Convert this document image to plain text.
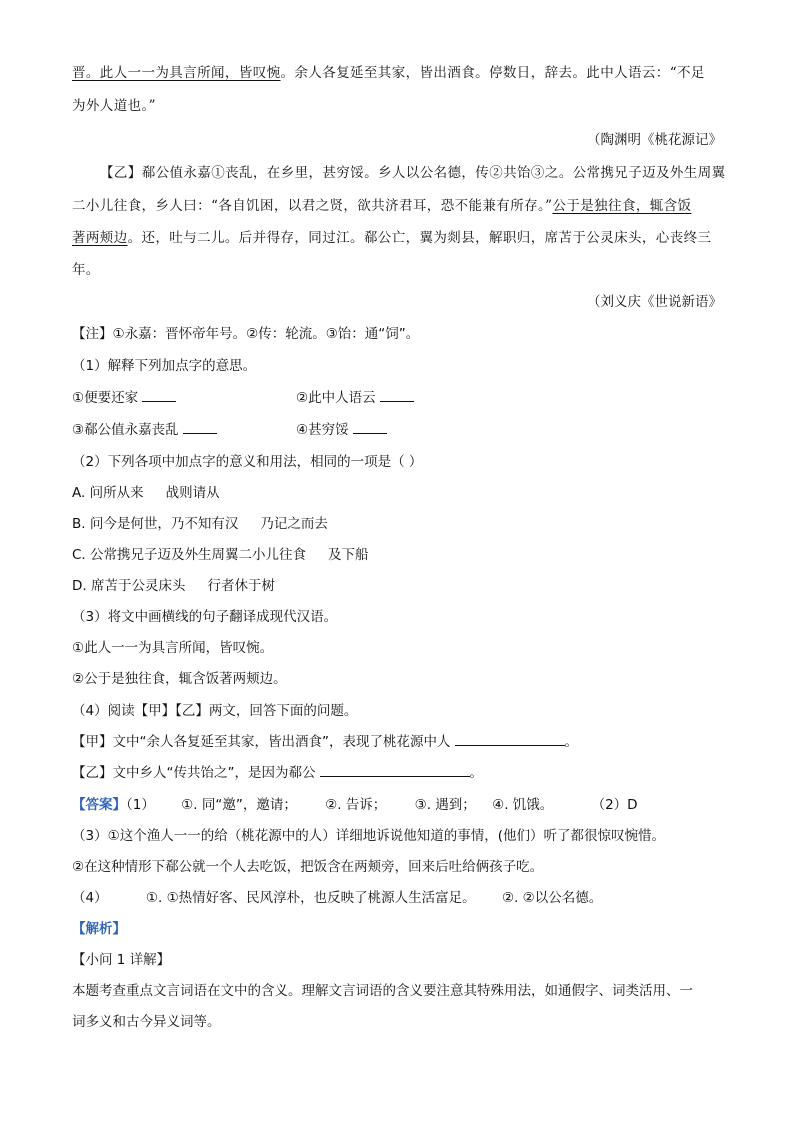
晋。此人一一为具言所闻，皆叹惋。余人各复延至其家，皆出酒食。停数日，辞去。此中人语云：“不足
为外人道也。”
（陶渊明《桃花源记》
【乙】郗公值永嘉①丧乱，在乡里，甚穷馁。乡人以公名德，传②共饴③之。公常携兄子迈及外生周翼
二小儿往食，乡人曰：“各自饥困，以君之贤，欲共济君耳，恐不能兼有所存。”公于是独往食，辄含饭
著两颊边。还，吐与二儿。后并得存，同过江。郗公亡，翼为剡县，解职归，席苫于公灵床头，心丧终三
年。
（刘义庆《世说新语》
【注】①永嘉：晋怀帝年号。②传：轮流。③饴：通“饲”。
（1）解释下列加点字的意思。
①便要还家	②此中人语云
③郗公值永嘉丧乱	④甚穷馁
（2）下列各项中加点字的意义和用法，相同的一项是（ ）
A. 问所从来 战则请从
B. 问今是何世，乃不知有汉 乃记之而去
C. 公常携兄子迈及外生周翼二小儿往食 及下船
D. 席苫于公灵床头 行者休于树
（3）将文中画横线的句子翻译成现代汉语。
①此人一一为具言所闻，皆叹惋。
②公于是独往食，辄含饭著两颊边。
（4）阅读【甲】【乙】两文，回答下面的问题。
【甲】文中“余人各复延至其家，皆出酒食”，表现了桃花源中人	。
【乙】文中乡人“传共饴之”，是因为郗公	。
【答案】（1） ①. 同“邀”，邀请； ②. 告诉； ③. 遇到； ④. 饥饿。	（2）D
（3）①这个渔人一一的给（桃花源中的人）详细地诉说他知道的事情，(他们）听了都很惊叹惋惜。
②在这种情形下郗公就一个人去吃饭，把饭含在两颊旁，回来后吐给俩孩子吃。
（4）	①. ①热情好客、民风淳朴，也反映了桃源人生活富足。 ②. ②以公名德。
【解析】
【小问 1 详解】
本题考查重点文言词语在文中的含义。理解文言词语的含义要注意其特殊用法，如通假字、词类活用、一
词多义和古今异义词等。
